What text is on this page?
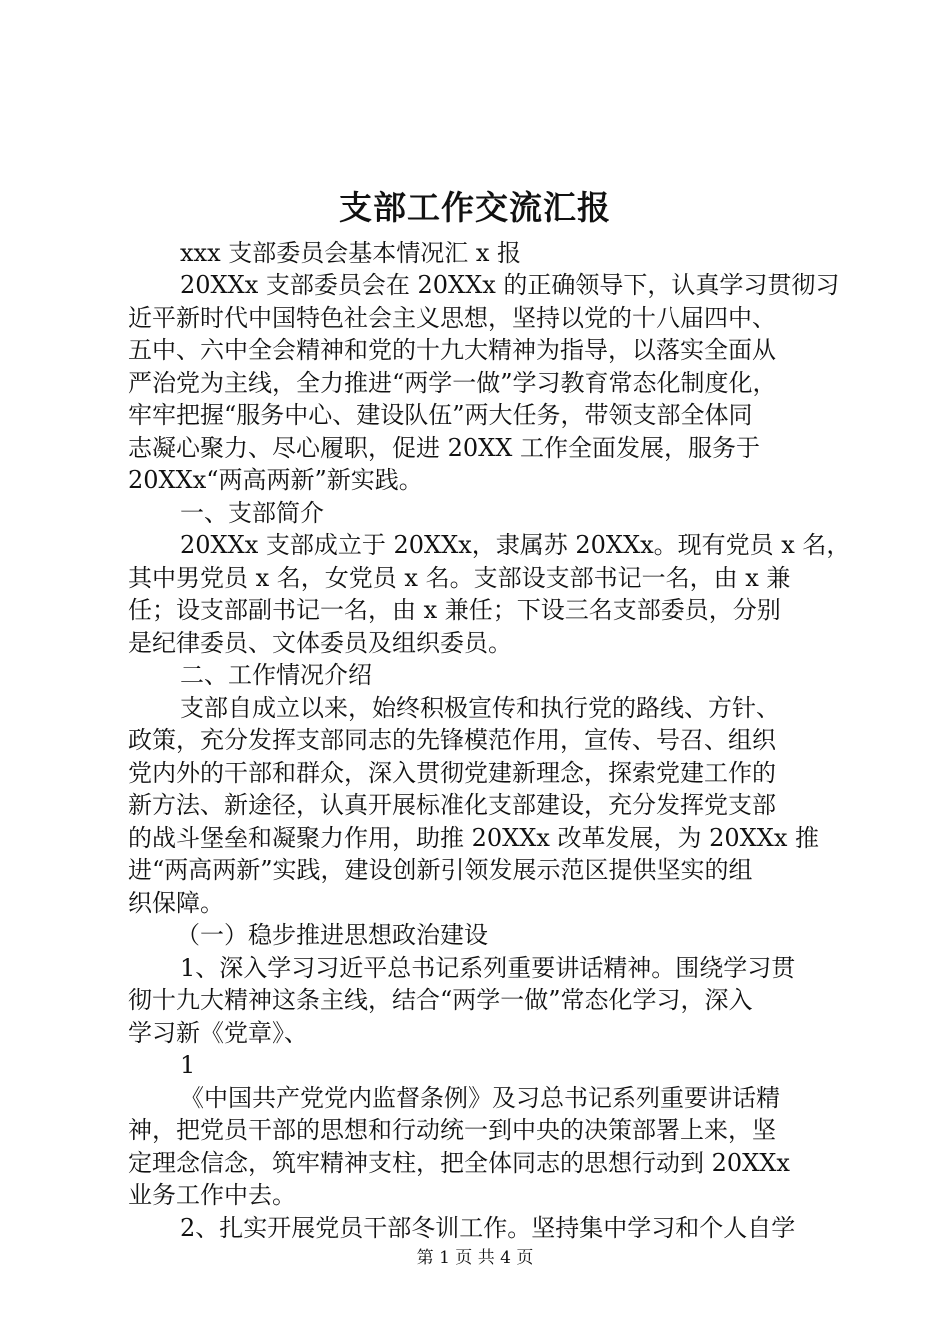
支部工作交流汇报
xxx 支部委员会基本情况汇 x 报
20XXx 支部委员会在 20XXx 的正确领导下，认真学习贯彻习
近平新时代中国特色社会主义思想，坚持以党的十八届四中、
五中、六中全会精神和党的十九大精神为指导，以落实全面从
严治党为主线，全力推进“两学一做”学习教育常态化制度化，
牢牢把握“服务中心、建设队伍”两大任务，带领支部全体同
志凝心聚力、尽心履职，促进 20XX 工作全面发展，服务于
20XXx“两高两新”新实践。
一、支部简介
20XXx 支部成立于 20XXx，隶属苏 20XXx。现有党员 x 名，
其中男党员 x 名，女党员 x 名。支部设支部书记一名，由 x 兼
任；设支部副书记一名，由 x 兼任；下设三名支部委员，分别
是纪律委员、文体委员及组织委员。
二、工作情况介绍
支部自成立以来，始终积极宣传和执行党的路线、方针、
政策，充分发挥支部同志的先锋模范作用，宣传、号召、组织
党内外的干部和群众，深入贯彻党建新理念，探索党建工作的
新方法、新途径，认真开展标准化支部建设，充分发挥党支部
的战斗堡垒和凝聚力作用，助推 20XXx 改革发展，为 20XXx 推
进“两高两新”实践，建设创新引领发展示范区提供坚实的组
织保障。
（一）稳步推进思想政治建设
1、深入学习习近平总书记系列重要讲话精神。围绕学习贯
彻十九大精神这条主线，结合“两学一做”常态化学习，深入
学习新《党章》、
1
《中国共产党党内监督条例》及习总书记系列重要讲话精
神，把党员干部的思想和行动统一到中央的决策部署上来，坚
定理念信念，筑牢精神支柱，把全体同志的思想行动到 20XXx
业务工作中去。
2、扎实开展党员干部冬训工作。坚持集中学习和个人自学
第 1 页 共 4 页
